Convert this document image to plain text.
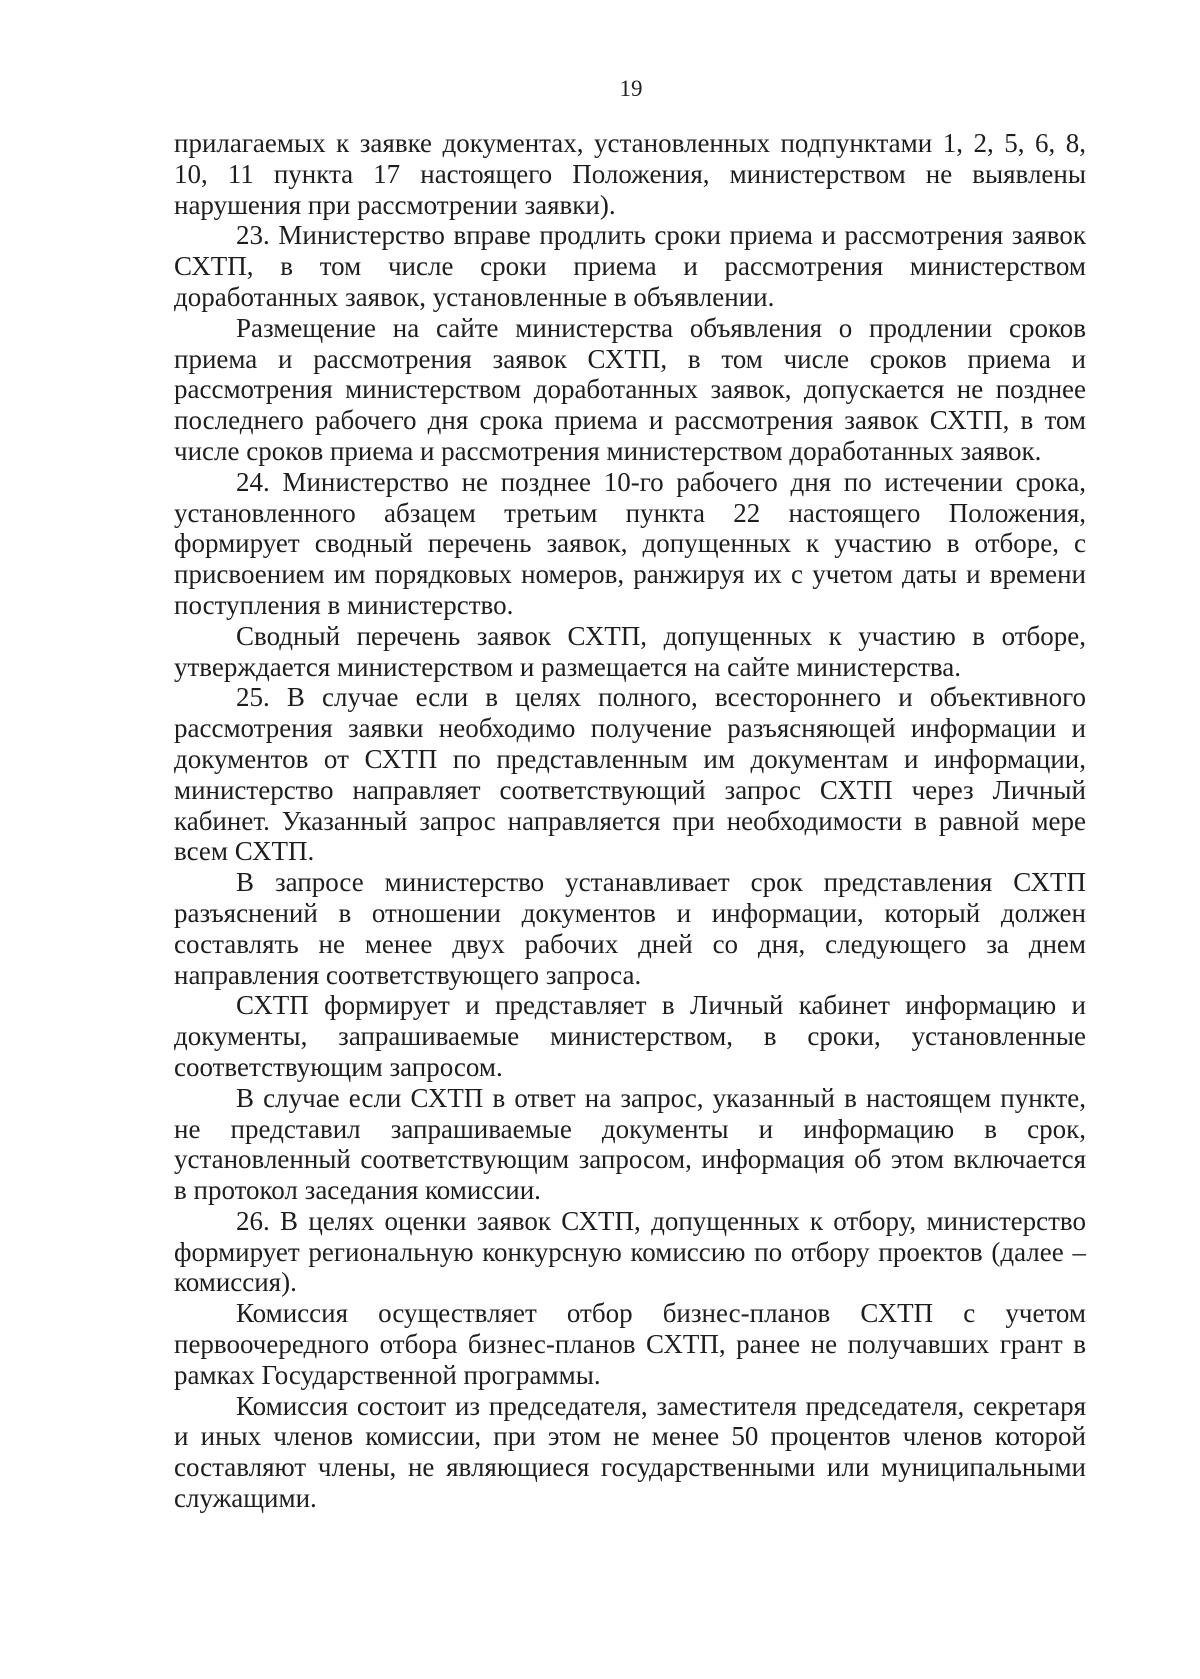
19

прилагаемых к заявке документах, установленных подпунктами 1, 2, 5, 6, 8, 10, 11 пункта 17 настоящего Положения, министерством не выявлены нарушения при рассмотрении заявки).

23. Министерство вправе продлить сроки приема и рассмотрения заявок СХТП, в том числе сроки приема и рассмотрения министерством доработанных заявок, установленные в объявлении.

Размещение на сайте министерства объявления о продлении сроков приема и рассмотрения заявок СХТП, в том числе сроков приема и рассмотрения министерством доработанных заявок, допускается не позднее последнего рабочего дня срока приема и рассмотрения заявок СХТП, в том числе сроков приема и рассмотрения министерством доработанных заявок.

24. Министерство не позднее 10-го рабочего дня по истечении срока, установленного абзацем третьим пункта 22 настоящего Положения, формирует сводный перечень заявок, допущенных к участию в отборе, с присвоением им порядковых номеров, ранжируя их с учетом даты и времени поступления в министерство.

Сводный перечень заявок СХТП, допущенных к участию в отборе, утверждается министерством и размещается на сайте министерства.

25. В случае если в целях полного, всестороннего и объективного рассмотрения заявки необходимо получение разъясняющей информации и документов от СХТП по представленным им документам и информации, министерство направляет соответствующий запрос СХТП через Личный кабинет. Указанный запрос направляется при необходимости в равной мере всем СХТП.

В запросе министерство устанавливает срок представления СХТП разъяснений в отношении документов и информации, который должен составлять не менее двух рабочих дней со дня, следующего за днем направления соответствующего запроса.

СХТП формирует и представляет в Личный кабинет информацию и документы, запрашиваемые министерством, в сроки, установленные соответствующим запросом.

В случае если СХТП в ответ на запрос, указанный в настоящем пункте, не представил запрашиваемые документы и информацию в срок, установленный соответствующим запросом, информация об этом включается в протокол заседания комиссии.

26. В целях оценки заявок СХТП, допущенных к отбору, министерство формирует региональную конкурсную комиссию по отбору проектов (далее – комиссия).

Комиссия осуществляет отбор бизнес-планов СХТП с учетом первоочередного отбора бизнес-планов СХТП, ранее не получавших грант в рамках Государственной программы.

Комиссия состоит из председателя, заместителя председателя, секретаря и иных членов комиссии, при этом не менее 50 процентов членов которой составляют члены, не являющиеся государственными или муниципальными служащими.
